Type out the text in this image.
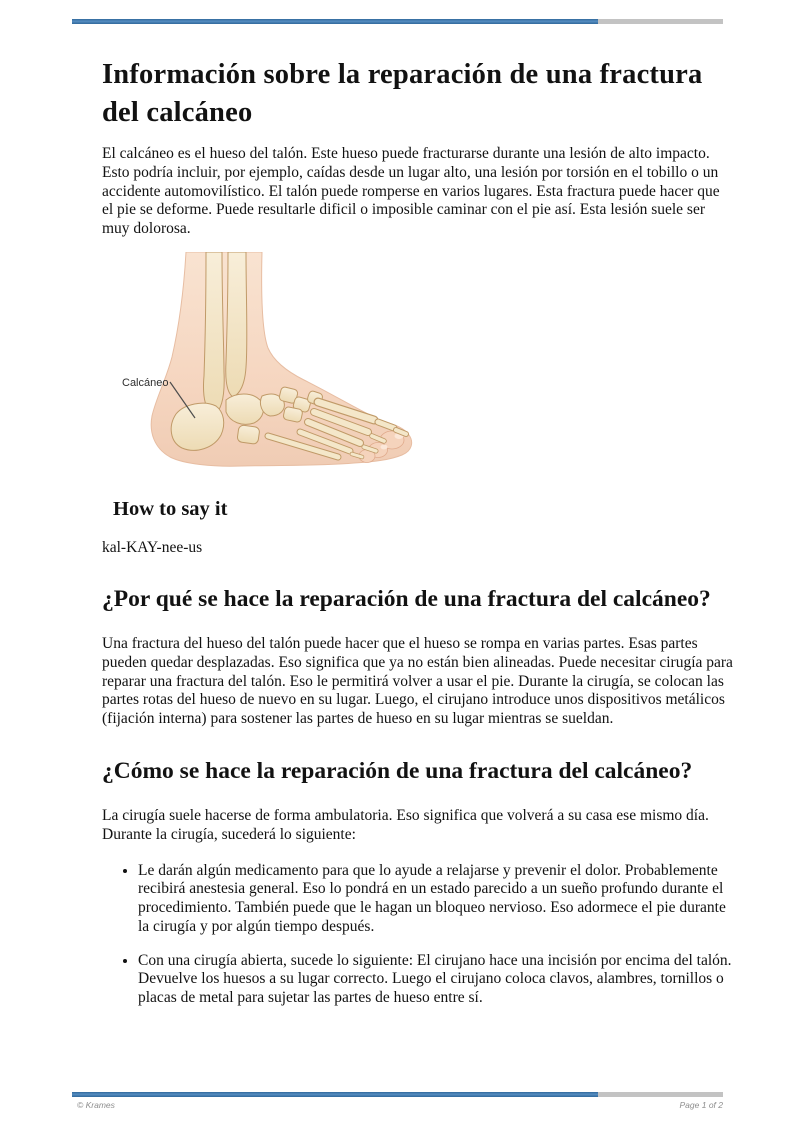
Información sobre la reparación de una fractura del calcáneo

El calcáneo es el hueso del talón. Este hueso puede fracturarse durante una lesión de alto impacto. Esto podría incluir, por ejemplo, caídas desde un lugar alto, una lesión por torsión en el tobillo o un accidente automovilístico. El talón puede romperse en varios lugares. Esta fractura puede hacer que el pie se deforme. Puede resultarle dificil o imposible caminar con el pie así. Esta lesión suele ser muy dolorosa.

Calcáneo
How to say it

kal-KAY-nee-us

¿Por qué se hace la reparación de una fractura del calcáneo?

Una fractura del hueso del talón puede hacer que el hueso se rompa en varias partes. Esas partes pueden quedar desplazadas. Eso significa que ya no están bien alineadas. Puede necesitar cirugía para reparar una fractura del talón. Eso le permitirá volver a usar el pie. Durante la cirugía, se colocan las partes rotas del hueso de nuevo en su lugar. Luego, el cirujano introduce unos dispositivos metálicos (fijación interna) para sostener las partes de hueso en su lugar mientras se sueldan.

¿Cómo se hace la reparación de una fractura del calcáneo?

La cirugía suele hacerse de forma ambulatoria. Eso significa que volverá a su casa ese mismo día. Durante la cirugía, sucederá lo siguiente:

• Le darán algún medicamento para que lo ayude a relajarse y prevenir el dolor. Probablemente recibirá anestesia general. Eso lo pondrá en un estado parecido a un sueño profundo durante el procedimiento. También puede que le hagan un bloqueo nervioso. Eso adormece el pie durante la cirugía y por algún tiempo después.
• Con una cirugía abierta, sucede lo siguiente: El cirujano hace una incisión por encima del talón. Devuelve los huesos a su lugar correcto. Luego el cirujano coloca clavos, alambres, tornillos o placas de metal para sujetar las partes de hueso entre sí.
© Krames	Page 1 of 2
